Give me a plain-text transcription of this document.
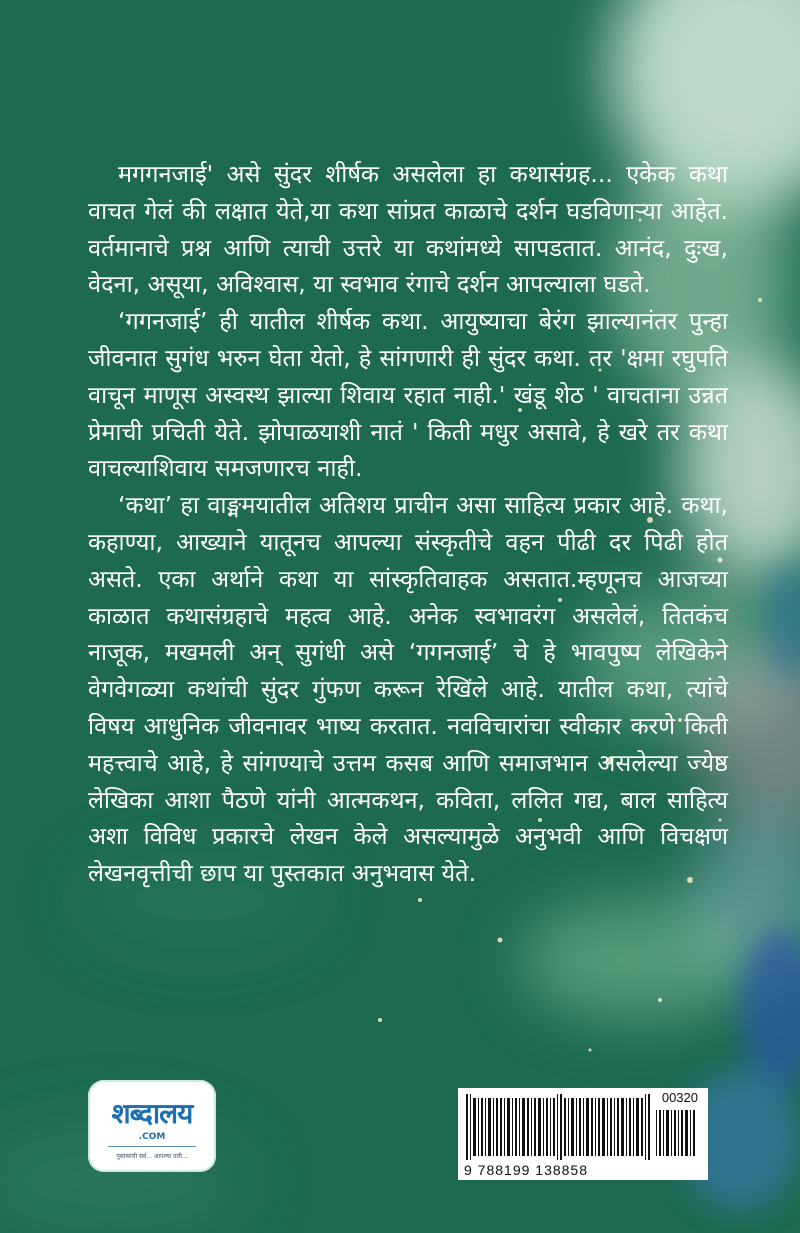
मगगनजाई' असे सुंदर शीर्षक असलेला हा कथासंग्रह... एकेक कथा वाचत गेलं की लक्षात येते,या कथा सांप्रत काळाचे दर्शन घडविणाऱ्या आहेत. वर्तमानाचे प्रश्न आणि त्याची उत्तरे या कथांमध्ये सापडतात. आनंद, दुःख, वेदना, असूया, अविश्वास, या स्वभाव रंगाचे दर्शन आपल्याला घडते.

‘गगनजाई’ ही यातील शीर्षक कथा. आयुष्याचा बेरंग झाल्यानंतर पुन्हा जीवनात सुगंध भरुन घेता येतो, हे सांगणारी ही सुंदर कथा. तर 'क्षमा रघुपति वाचून माणूस अस्वस्थ झाल्या शिवाय रहात नाही.' खंडू शेठ ' वाचताना उन्नत प्रेमाची प्रचिती येते. झोपाळयाशी नातं ' किती मधुर असावे, हे खरे तर कथा वाचल्याशिवाय समजणारच नाही.

‘कथा’ हा वाङ्ममयातील अतिशय प्राचीन असा साहित्य प्रकार आहे. कथा, कहाण्या, आख्याने यातूनच आपल्या संस्कृतीचे वहन पीढी दर पिढी होत असते. एका अर्थाने कथा या सांस्कृतिवाहक असतात.म्हणूनच आजच्या काळात कथासंग्रहाचे महत्व आहे. अनेक स्वभावरंग असलेलं, तितकंच नाजूक, मखमली अन् सुगंधी असे ‘गगनजाई’ चे हे भावपुष्प लेखिकेने वेगवेगळ्या कथांची सुंदर गुंफण करून रेखिले आहे. यातील कथा, त्यांचे विषय आधुनिक जीवनावर भाष्य करतात. नवविचारांचा स्वीकार करणे किती महत्त्वाचे आहे, हे सांगण्याचे उत्तम कसब आणि समाजभान असलेल्या ज्येष्ठ लेखिका आशा पैठणे यांनी आत्मकथन, कविता, ललित गद्य, बाल साहित्य अशा विविध प्रकारचे लेखन केले असल्यामुळे अनुभवी आणि विचक्षण लेखनवृत्तीची छाप या पुस्तकात अनुभवास येते.

शब्दालय
.COM
पुस्तकांची सर्व... आपल्या दारी...
00320
9 788199 138858
